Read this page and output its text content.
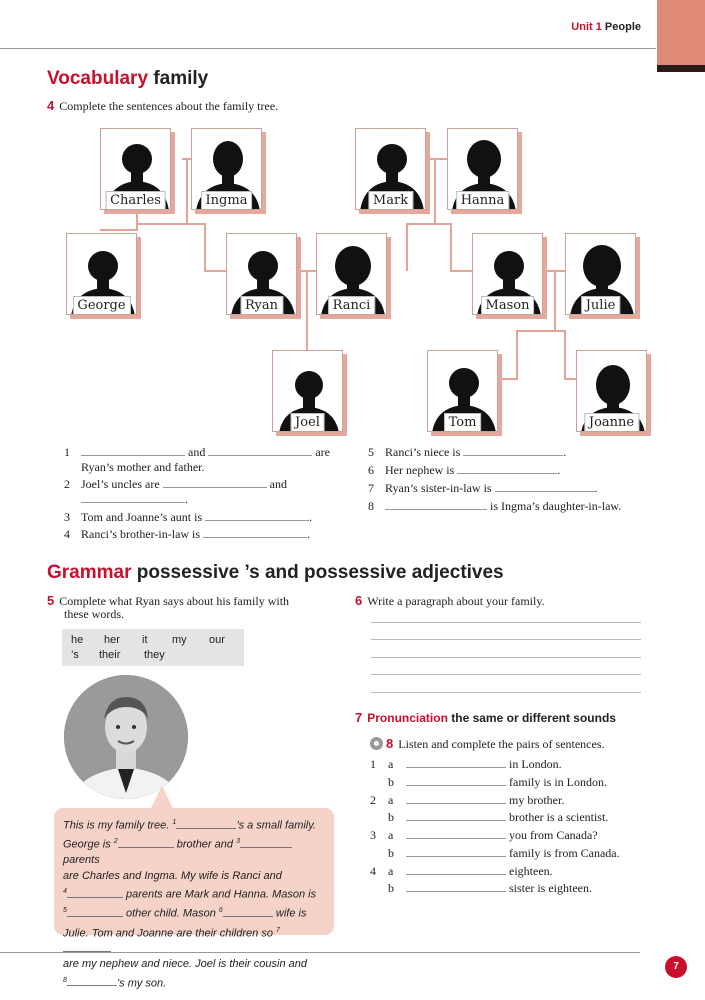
Unit 1 People
Vocabulary family
4 Complete the sentences about the family tree.
Charles	Ingma	Mark	Hanna
George	Ryan	Ranci	Mason	Julie
Joel	Tom	Joanne
1	and	are
Ryan’s mother and father.
2 Joel’s uncles are	and
.
3 Tom and Joanne’s aunt is	.
4 Ranci’s brother-in-law is	.
5 Ranci’s niece is	.
6 Her nephew is	.
7 Ryan’s sister-in-law is	.
8	is Ingma’s daughter-in-law.
Grammar possessive ’s and possessive adjectives
5 Complete what Ryan says about his family with
these words.
he her it my our
’s their they
This is my family tree. $^1$	’s a small family.
George is $^2$	brother and $^3$ parents
are Charles and Ingma. My wife is Ranci and
$^4$	parents are Mark and Hanna. Mason is
$^5$	other child. Mason $^6$	wife is
Julie. Tom and Joanne are their children so $^7$
are my nephew and niece. Joel is their cousin and
$^8$	’s my son.
6 Write a paragraph about your family.
7 Pronunciation the same or different sounds
8 Listen and complete the pairs of sentences.
1 a	in London.
b	family is in London.
2 a	my brother.
b	brother is a scientist.
3 a	you from Canada?
b	family is from Canada.
4 a	eighteen.
b	sister is eighteen.
7
